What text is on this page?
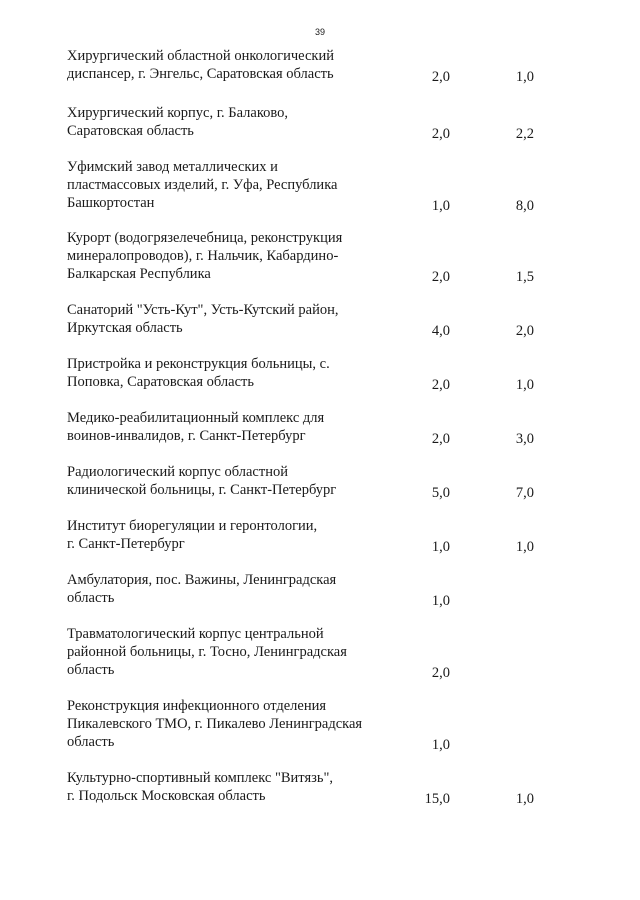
39
Хирургический областной онкологический
диспансер, г. Энгельс, Саратовская область	2,0	1,0
Хирургический корпус, г. Балаково,
Саратовская область	2,0	2,2
Уфимский завод металлических и
пластмассовых изделий, г. Уфа, Республика
Башкортостан	1,0	8,0
Курорт (водогрязелечебница, реконструкция
минералопроводов), г. Нальчик, Кабардино-
Балкарская Республика	2,0	1,5
Санаторий "Усть-Кут", Усть-Кутский район,
Иркутская область	4,0	2,0
Пристройка и реконструкция больницы, с.
Поповка, Саратовская область	2,0	1,0
Медико-реабилитационный комплекс для
воинов-инвалидов, г. Санкт-Петербург	2,0	3,0
Радиологический корпус областной
клинической больницы, г. Санкт-Петербург	5,0	7,0
Институт биорегуляции и геронтологии,
г. Санкт-Петербург	1,0	1,0
Амбулатория, пос. Важины, Ленинградская
область	1,0
Травматологический корпус центральной
районной больницы, г. Тосно, Ленинградская
область	2,0
Реконструкция инфекционного отделения
Пикалевского ТМО, г. Пикалево Ленинградская
область	1,0
Культурно-спортивный комплекс "Витязь",
г. Подольск Московская область	15,0	1,0
